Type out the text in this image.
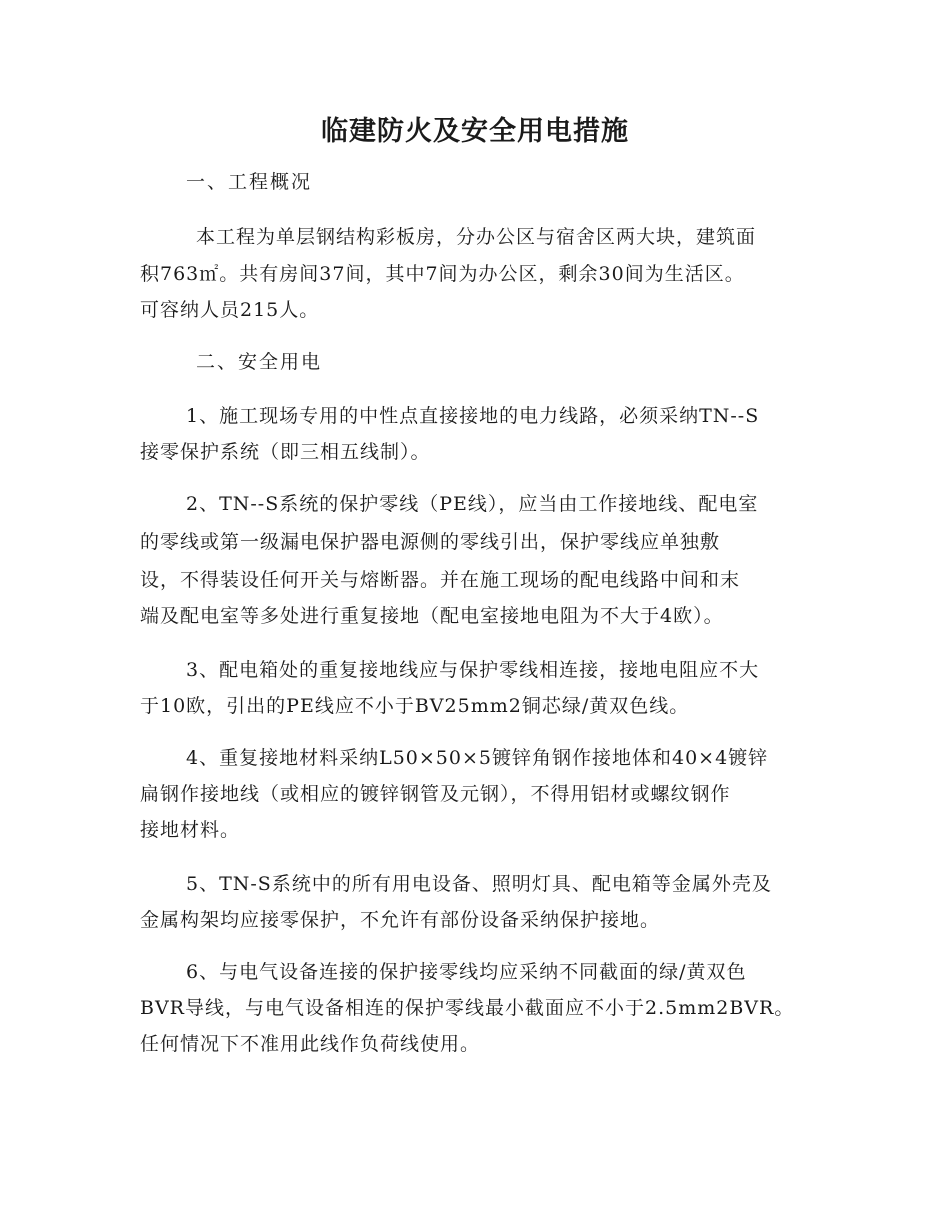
临建防火及安全用电措施

一、工程概况

本工程为单层钢结构彩板房，分办公区与宿舍区两大块，建筑面

积763㎡。共有房间37间，其中7间为办公区，剩余30间为生活区。

可容纳人员215人。

二、安全用电

1、施工现场专用的中性点直接接地的电力线路，必须采纳TN--S

接零保护系统（即三相五线制）。

2、TN--S系统的保护零线（PE线），应当由工作接地线、配电室

的零线或第一级漏电保护器电源侧的零线引出，保护零线应单独敷

设，不得装设任何开关与熔断器。并在施工现场的配电线路中间和末

端及配电室等多处进行重复接地（配电室接地电阻为不大于4欧）。

3、配电箱处的重复接地线应与保护零线相连接，接地电阻应不大

于10欧，引出的PE线应不小于BV25mm2铜芯绿/黄双色线。

4、重复接地材料采纳L50×50×5镀锌角钢作接地体和40×4镀锌

扁钢作接地线（或相应的镀锌钢管及元钢），不得用铝材或螺纹钢作

接地材料。

5、TN-S系统中的所有用电设备、照明灯具、配电箱等金属外壳及

金属构架均应接零保护，不允许有部份设备采纳保护接地。

6、与电气设备连接的保护接零线均应采纳不同截面的绿/黄双色

BVR导线，与电气设备相连的保护零线最小截面应不小于2.5mm2BVR。

任何情况下不准用此线作负荷线使用。
